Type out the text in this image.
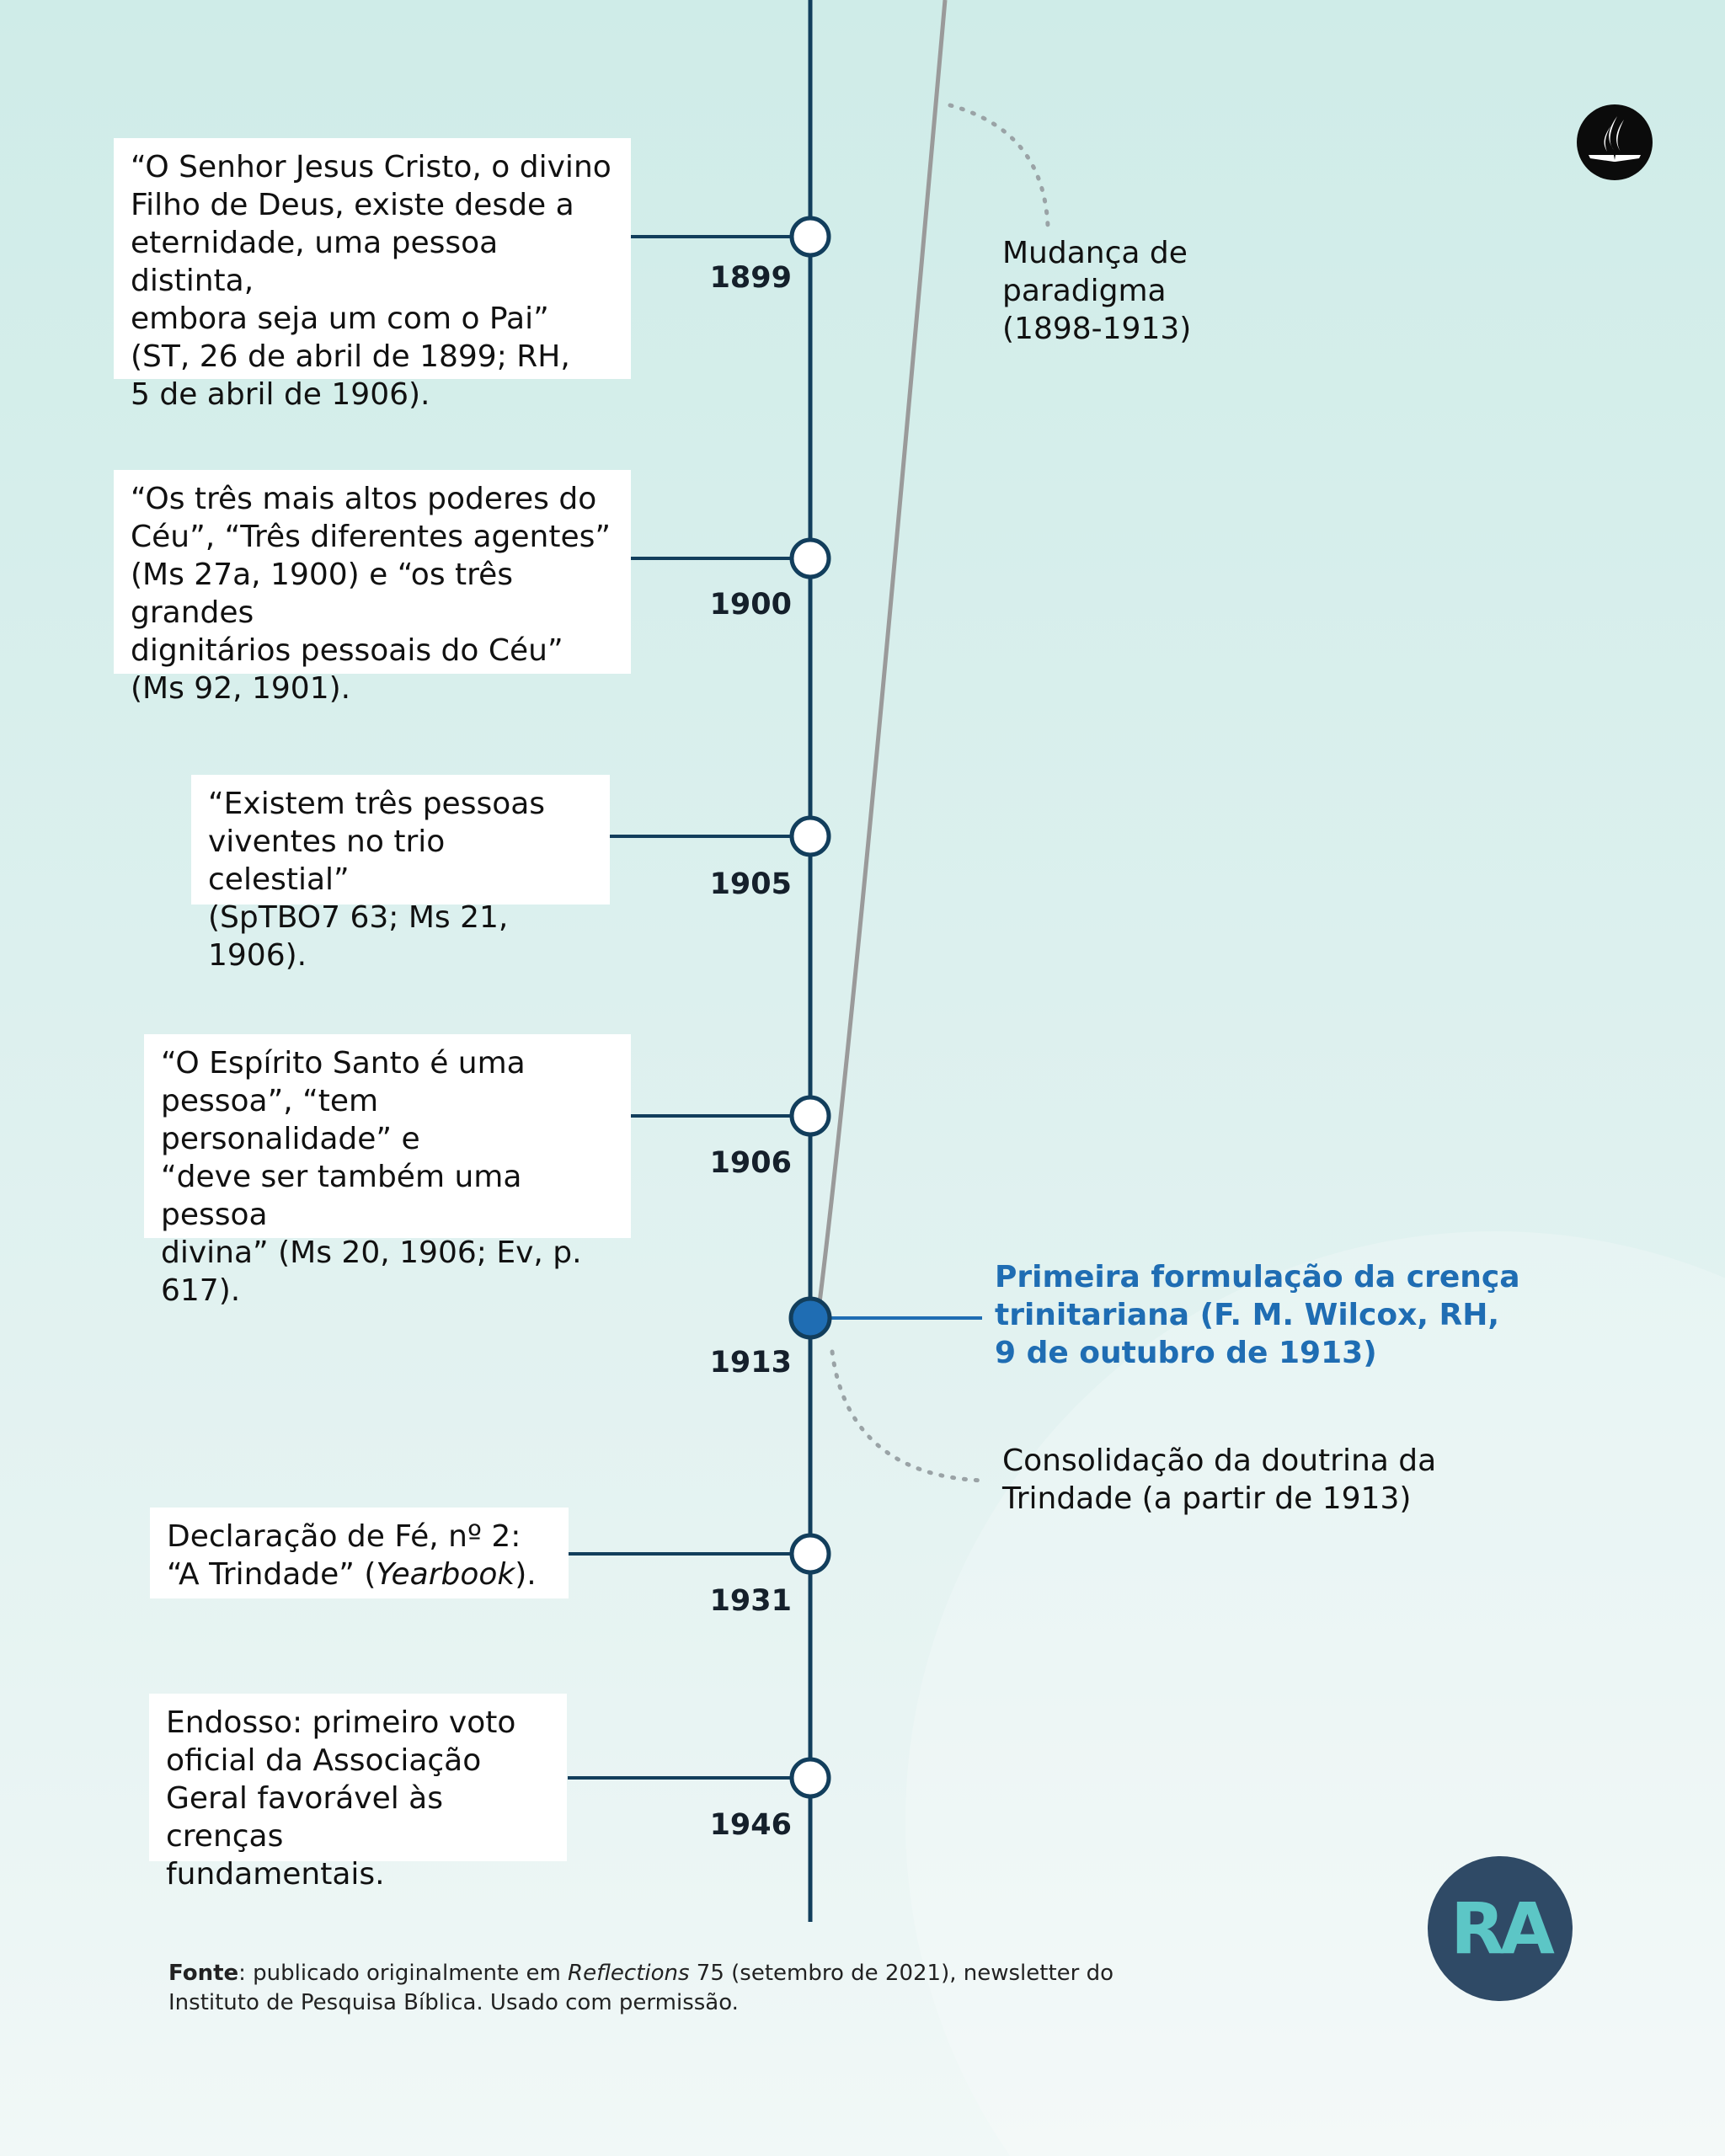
“O Senhor Jesus Cristo, o divino
Filho de Deus, existe desde a
eternidade, uma pessoa distinta,
embora seja um com o Pai”
(ST, 26 de abril de 1899; RH,
5 de abril de 1906).
“Os três mais altos poderes do
Céu”, “Três diferentes agentes”
(Ms 27a, 1900) e “os três grandes
dignitários pessoais do Céu”
(Ms 92, 1901).
“Existem três pessoas
viventes no trio celestial”
(SpTBO7 63; Ms 21, 1906).
“O Espírito Santo é uma
pessoa”, “tem personalidade” e
“deve ser também uma pessoa
divina” (Ms 20, 1906; Ev, p. 617).
Declaração de Fé, nº 2:
“A Trindade” (Yearbook).
Endosso: primeiro voto
oficial da Associação
Geral favorável às crenças
fundamentais.
1899
1900
1905
1906
1913
1931
1946
Primeira formulação da crença
trinitariana (F. M. Wilcox, RH,
9 de outubro de 1913)
Mudança de
paradigma
(1898-1913)
Consolidação da doutrina da
Trindade (a partir de 1913)
Fonte: publicado originalmente em Reflections 75 (setembro de 2021), newsletter do
Instituto de Pesquisa Bíblica. Usado com permissão.
RA
